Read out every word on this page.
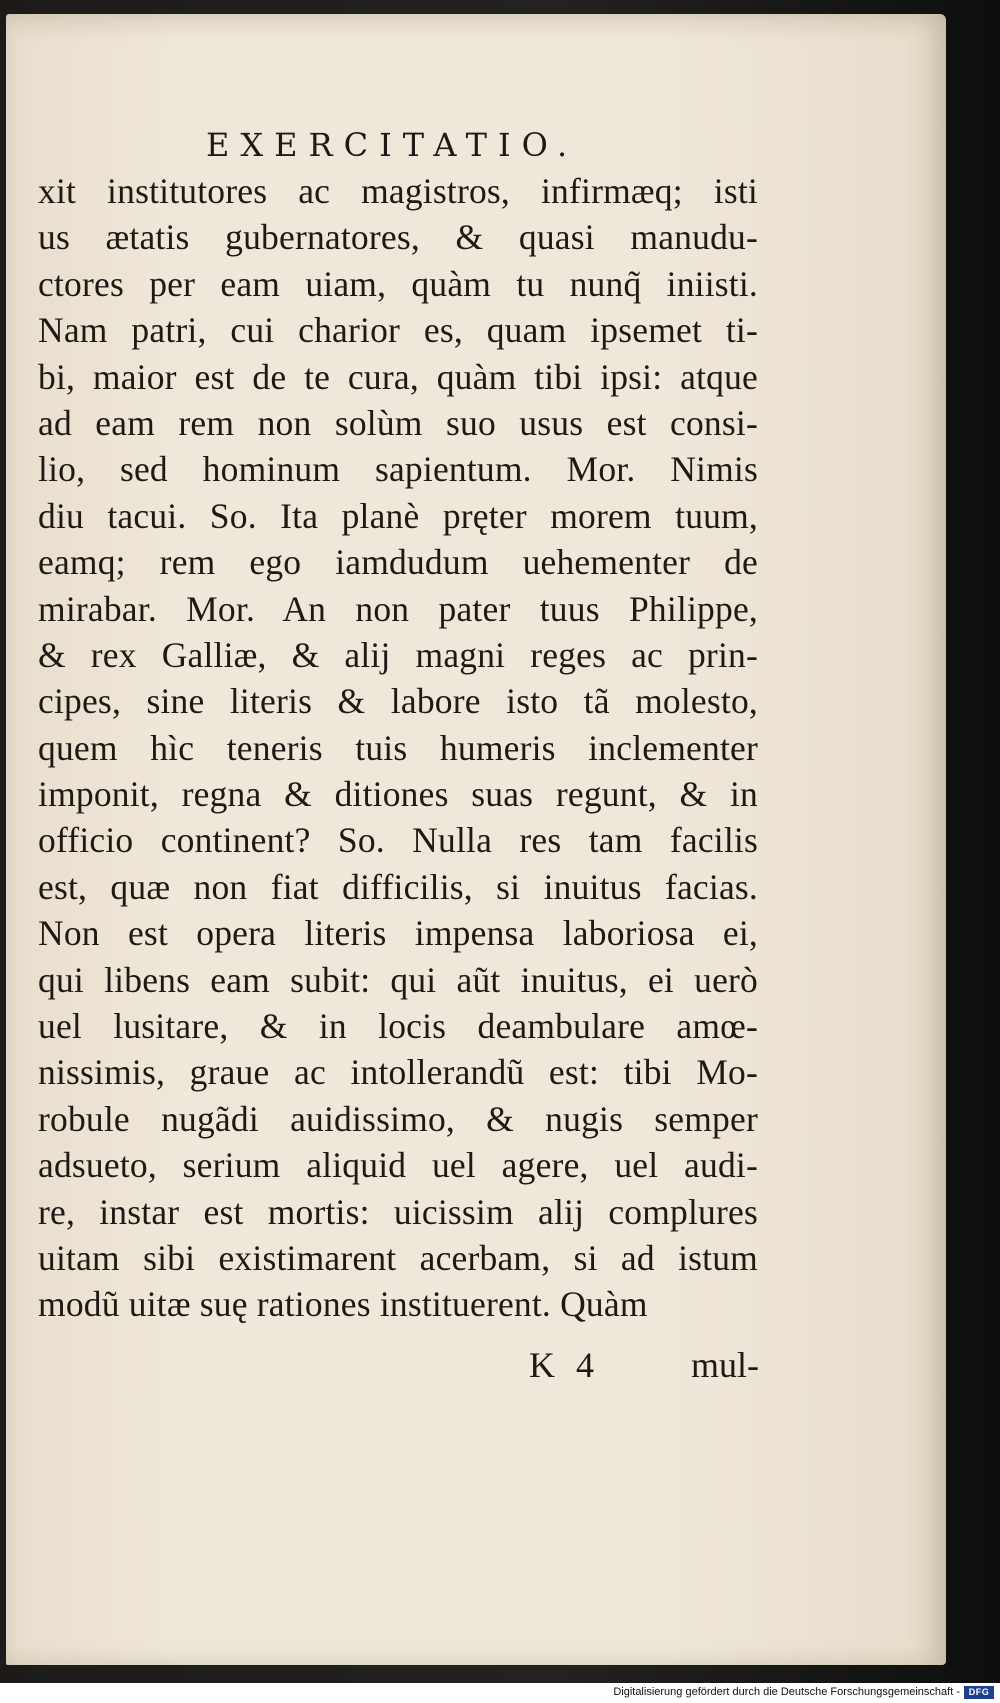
EXERCITATIO.
xit institutores ac magistros, infirmæq; isti
us ætatis gubernatores, & quasi manudu-
ctores per eam uiam, quàm tu nunq̃ iniisti.
Nam patri, cui charior es, quam ipsemet ti-
bi, maior est de te cura, quàm tibi ipsi: atque
ad eam rem non solùm suo usus est consi-
lio, sed hominum sapientum. Mor. Nimis
diu tacui. So. Ita planè pręter morem tuum,
eamq; rem ego iamdudum uehementer de
mirabar. Mor. An non pater tuus Philippe,
& rex Galliæ, & alij magni reges ac prin-
cipes, sine literis & labore isto tã molesto,
quem hìc teneris tuis humeris inclementer
imponit, regna & ditiones suas regunt, & in
officio continent? So. Nulla res tam facilis
est, quæ non fiat difficilis, si inuitus facias.
Non est opera literis impensa laboriosa ei,
qui libens eam subit: qui aũt inuitus, ei uerò
uel lusitare, & in locis deambulare amœ-
nissimis, graue ac intollerandũ est: tibi Mo-
robule nugãdi auidissimo, & nugis semper
adsueto, serium aliquid uel agere, uel audi-
re, instar est mortis: uicissim alij complures
uitam sibi existimarent acerbam, si ad istum
modũ uitæ suę rationes instituerent. Quàm
K 4	mul-
Digitalisierung gefördert durch die Deutsche Forschungsgemeinschaft - DFG
